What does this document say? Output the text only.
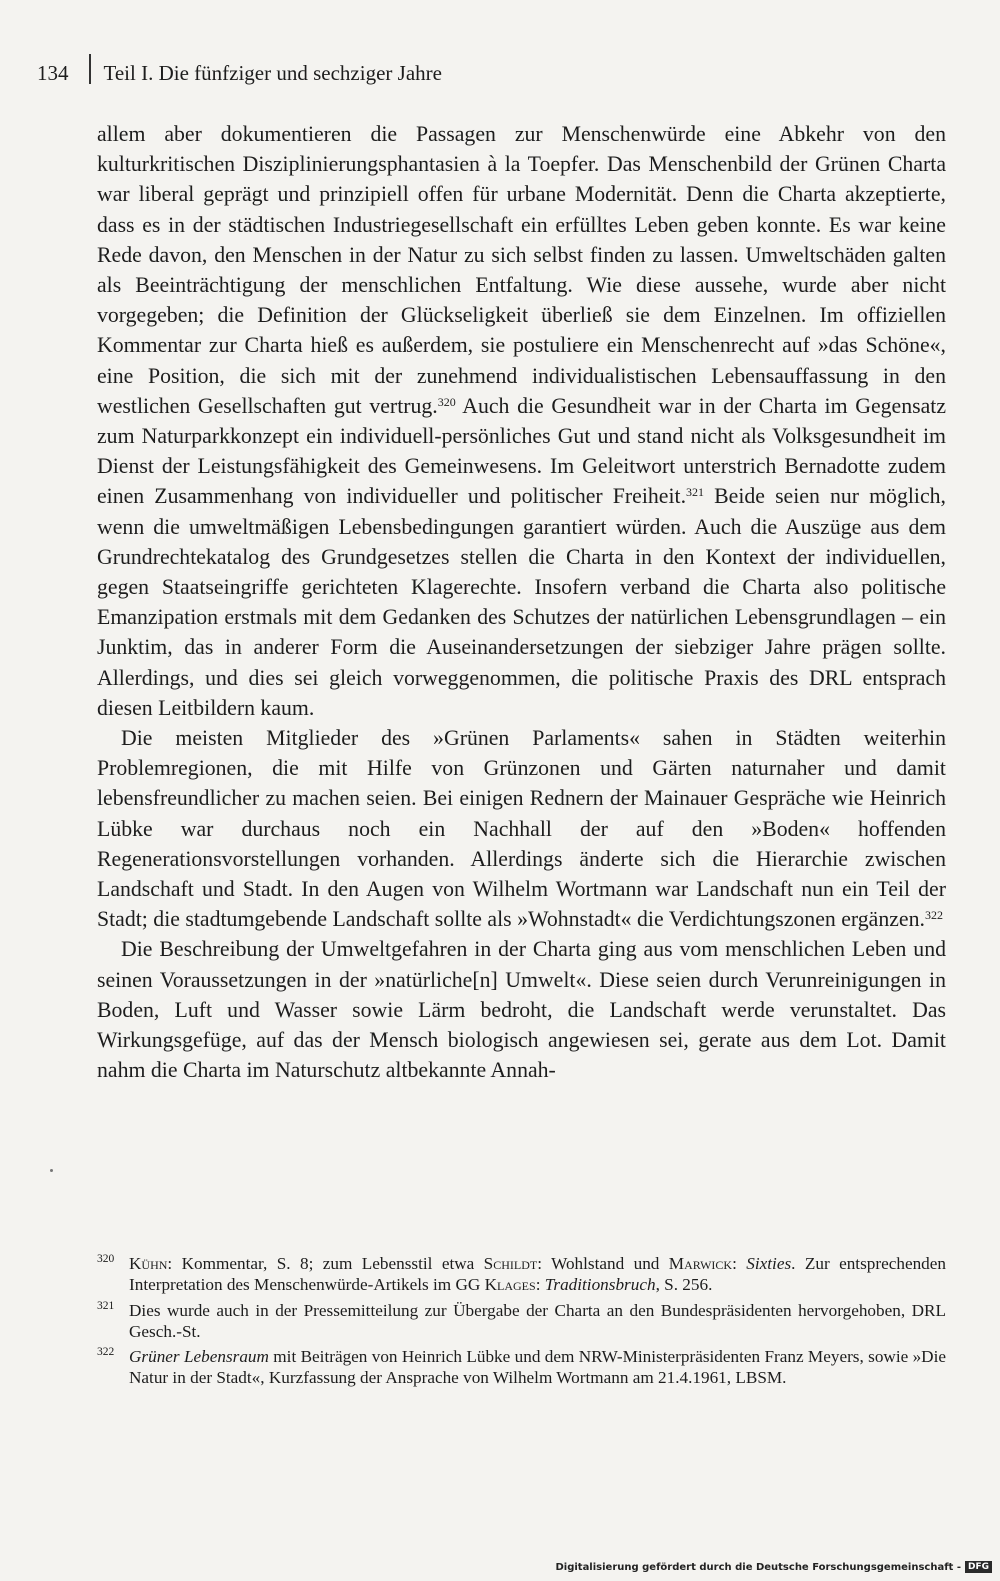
134	Teil I. Die fünfziger und sechziger Jahre

allem aber dokumentieren die Passagen zur Menschenwürde eine Abkehr von den kulturkritischen Disziplinierungsphantasien à la Toepfer. Das Menschenbild der Grünen Charta war liberal geprägt und prinzipiell offen für urbane Modernität. Denn die Charta akzeptierte, dass es in der städtischen Industriegesellschaft ein erfülltes Leben geben konnte. Es war keine Rede davon, den Menschen in der Natur zu sich selbst finden zu lassen. Umweltschäden galten als Beeinträchtigung der menschlichen Entfaltung. Wie diese aussehe, wurde aber nicht vorgegeben; die Definition der Glückseligkeit überließ sie dem Einzelnen. Im offiziellen Kommentar zur Charta hieß es außerdem, sie postuliere ein Menschenrecht auf »das Schöne«, eine Position, die sich mit der zunehmend individualistischen Lebensauffassung in den westlichen Gesellschaften gut vertrug.$^{320}$ Auch die Gesundheit war in der Charta im Gegensatz zum Naturparkkonzept ein individuell-persönliches Gut und stand nicht als Volksgesundheit im Dienst der Leistungsfähigkeit des Gemeinwesens. Im Geleitwort unterstrich Bernadotte zudem einen Zusammenhang von individueller und politischer Freiheit.$^{321}$ Beide seien nur möglich, wenn die umweltmäßigen Lebensbedingungen garantiert würden. Auch die Auszüge aus dem Grundrechtekatalog des Grundgesetzes stellen die Charta in den Kontext der individuellen, gegen Staatseingriffe gerichteten Klagerechte. Insofern verband die Charta also politische Emanzipation erstmals mit dem Gedanken des Schutzes der natürlichen Lebensgrundlagen – ein Junktim, das in anderer Form die Auseinandersetzungen der siebziger Jahre prägen sollte. Allerdings, und dies sei gleich vorweggenommen, die politische Praxis des DRL entsprach diesen Leitbildern kaum.

Die meisten Mitglieder des »Grünen Parlaments« sahen in Städten weiterhin Problemregionen, die mit Hilfe von Grünzonen und Gärten naturnaher und damit lebensfreundlicher zu machen seien. Bei einigen Rednern der Mainauer Gespräche wie Heinrich Lübke war durchaus noch ein Nachhall der auf den »Boden« hoffenden Regenerationsvorstellungen vorhanden. Allerdings änderte sich die Hierarchie zwischen Landschaft und Stadt. In den Augen von Wilhelm Wortmann war Landschaft nun ein Teil der Stadt; die stadtumgebende Landschaft sollte als »Wohnstadt« die Verdichtungszonen ergänzen.$^{322}$

Die Beschreibung der Umweltgefahren in der Charta ging aus vom menschlichen Leben und seinen Voraussetzungen in der »natürliche[n] Umwelt«. Diese seien durch Verunreinigungen in Boden, Luft und Wasser sowie Lärm bedroht, die Landschaft werde verunstaltet. Das Wirkungsgefüge, auf das der Mensch biologisch angewiesen sei, gerate aus dem Lot. Damit nahm die Charta im Naturschutz altbekannte Annah-

320 Kühn: Kommentar, S. 8; zum Lebensstil etwa Schildt: Wohlstand und Marwick: Sixties. Zur entsprechenden Interpretation des Menschenwürde-Artikels im GG Klages: Traditionsbruch, S. 256.
321 Dies wurde auch in der Pressemitteilung zur Übergabe der Charta an den Bundespräsidenten hervorgehoben, DRL Gesch.-St.
322 Grüner Lebensraum mit Beiträgen von Heinrich Lübke und dem NRW-Ministerpräsidenten Franz Meyers, sowie »Die Natur in der Stadt«, Kurzfassung der Ansprache von Wilhelm Wortmann am 21.4.1961, LBSM.
Digitalisierung gefördert durch die Deutsche Forschungsgemeinschaft - DFG
